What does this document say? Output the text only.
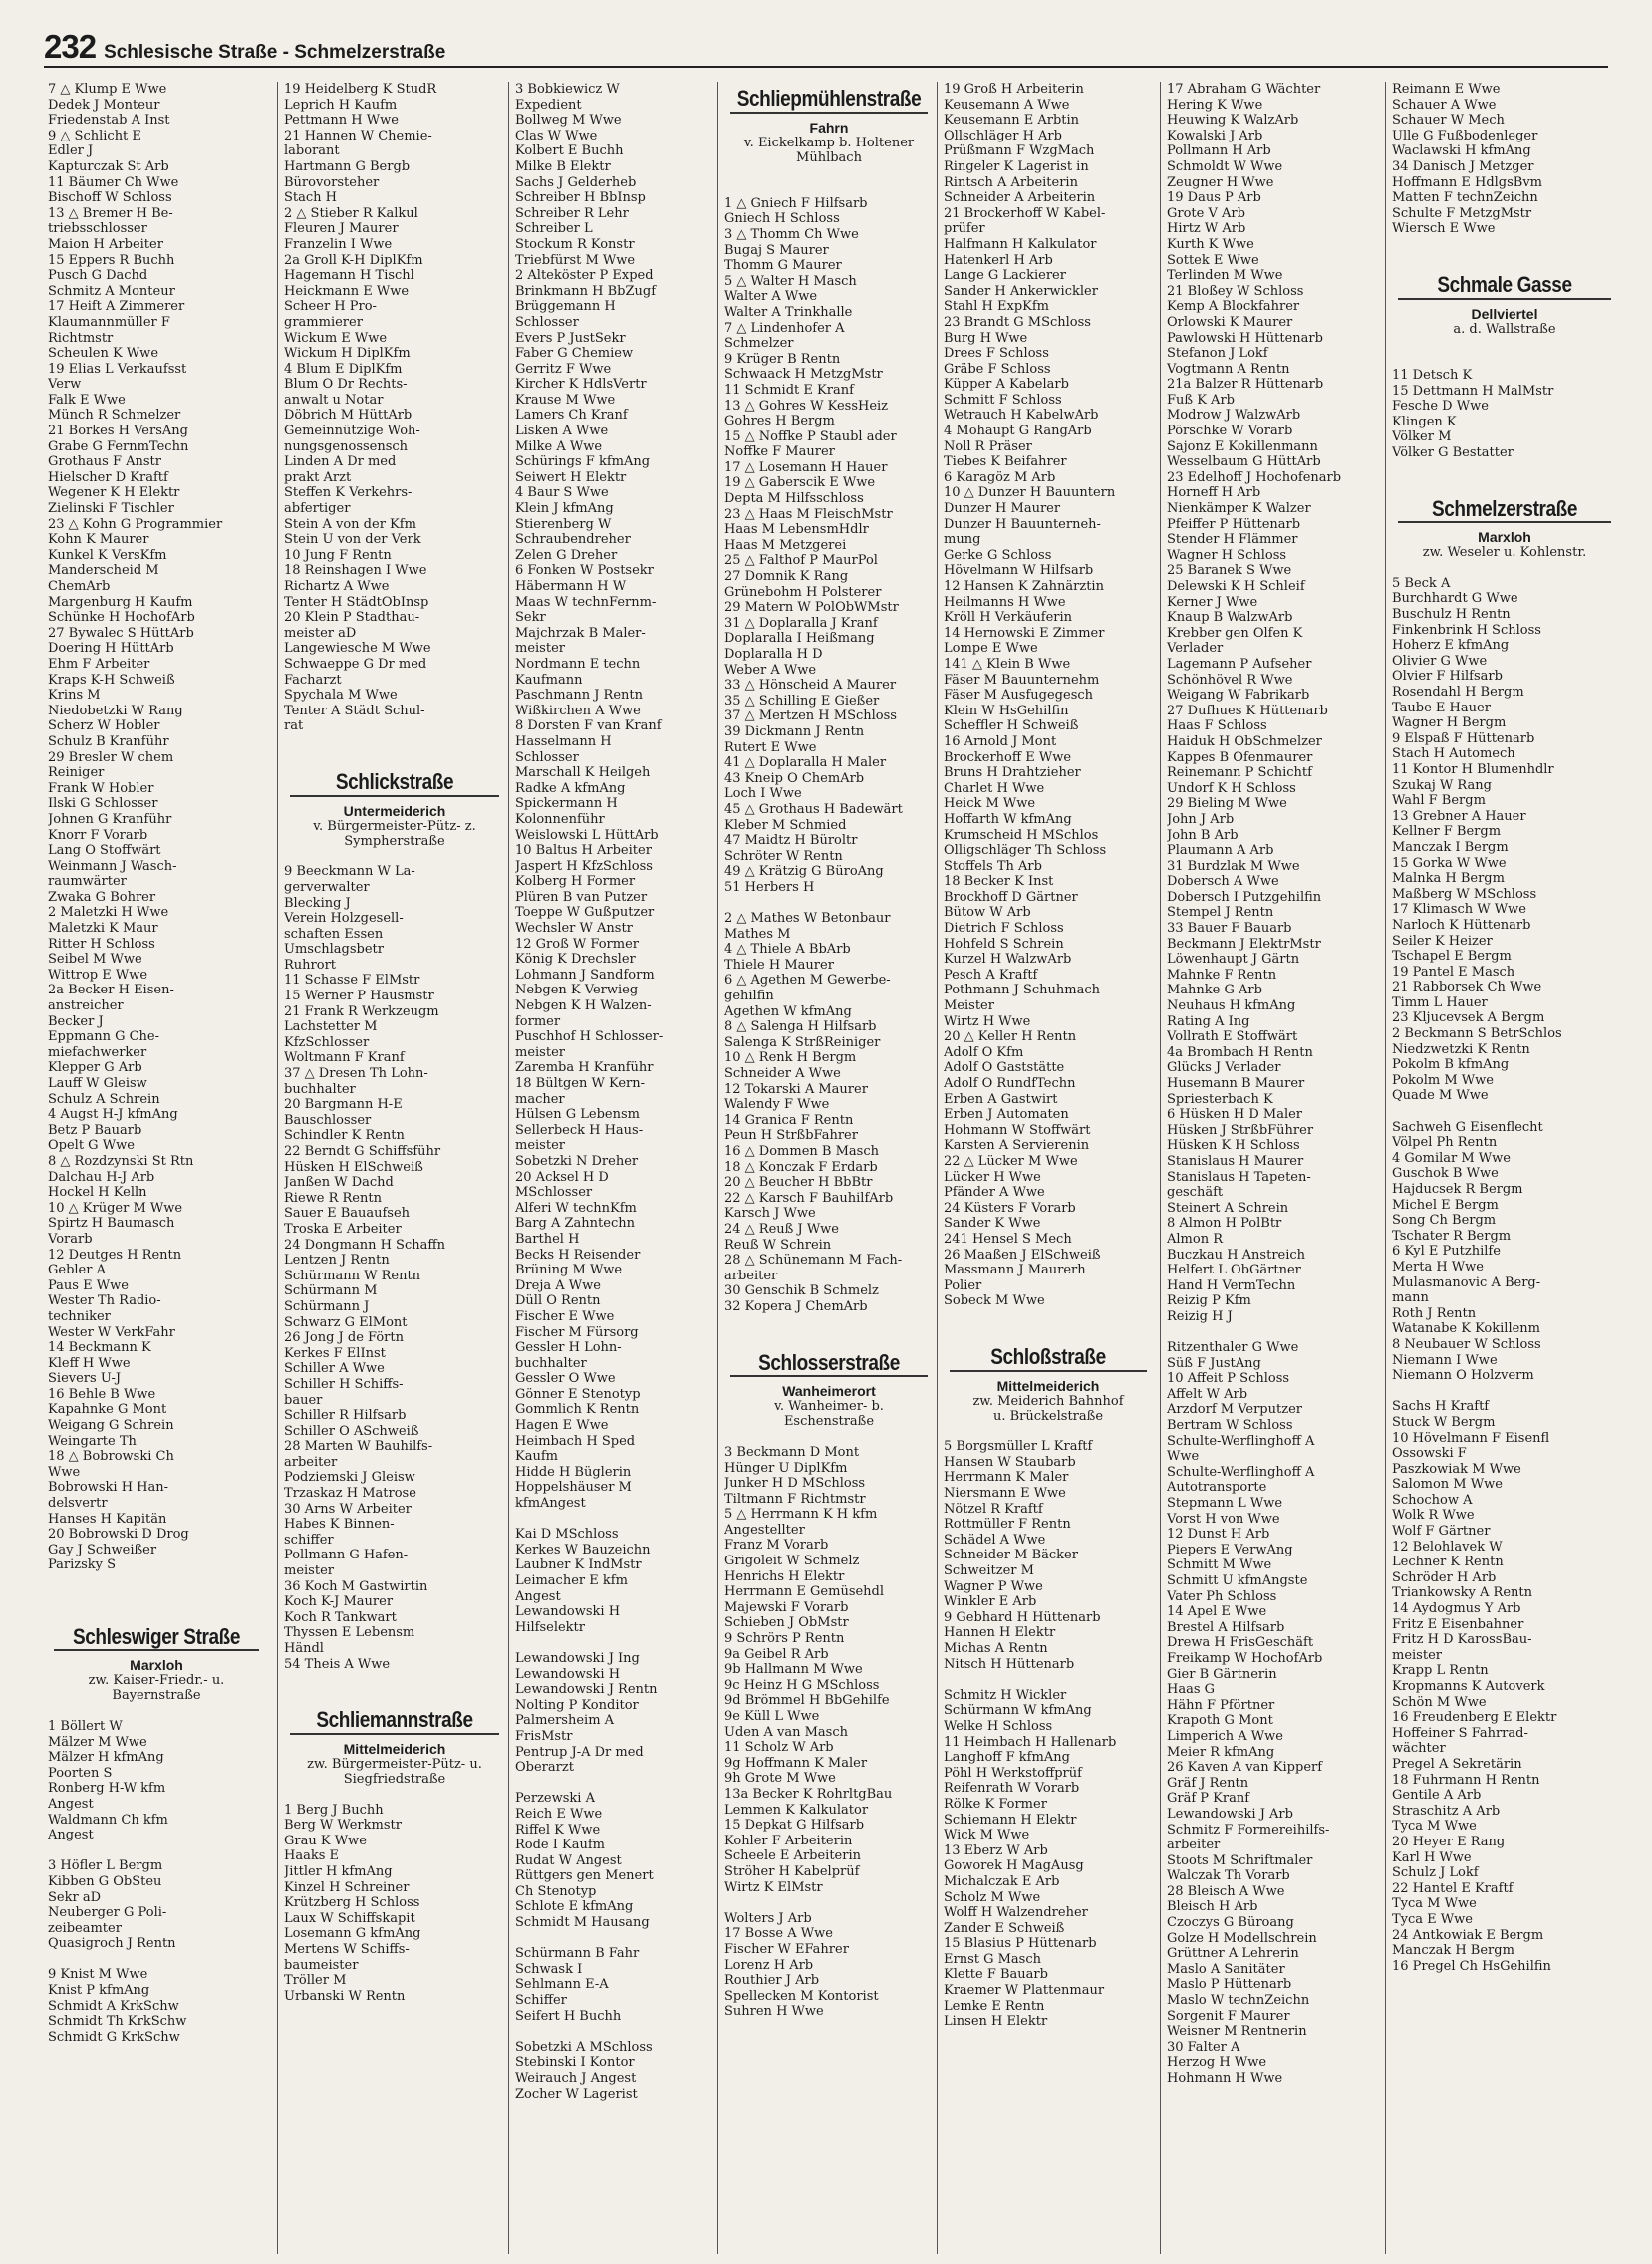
232 Schlesische Straße - Schmelzerstraße
7 △ Klump E Wwe
Dedek J Monteur
Friedenstab A Inst
9 △ Schlicht E
Edler J
Kapturczak St Arb
11 Bäumer Ch Wwe
Bischoff W Schloss
13 △ Bremer H Be-
triebsschlosser
Maion H Arbeiter
15 Eppers R Buchh
Pusch G Dachd
Schmitz A Monteur
17 Heift A Zimmerer
Klaumannmüller F
Richtmstr
Scheulen K Wwe
19 Elias L Verkaufsst
Verw
Falk E Wwe
Münch R Schmelzer
21 Borkes H VersAng
Grabe G FernmTechn
Grothaus F Anstr
Hielscher D Kraftf
Wegener K H Elektr
Zielinski F Tischler
23 △ Kohn G Programmier
Kohn K Maurer
Kunkel K VersKfm
Manderscheid M
ChemArb
Margenburg H Kaufm
Schünke H HochofArb
27 Bywalec S HüttArb
Doering H HüttArb
Ehm F Arbeiter
Kraps K-H Schweiß
Krins M
Niedobetzki W Rang
Scherz W Hobler
Schulz B Kranführ
29 Bresler W chem
Reiniger
Frank W Hobler
Ilski G Schlosser
Johnen G Kranführ
Knorr F Vorarb
Lang O Stoffwärt
Weinmann J Wasch-
raumwärter
Zwaka G Bohrer
2 Maletzki H Wwe
Maletzki K Maur
Ritter H Schloss
Seibel M Wwe
Wittrop E Wwe
2a Becker H Eisen-
anstreicher
Becker J
Eppmann G Che-
miefachwerker
Klepper G Arb
Lauff W Gleisw
Schulz A Schrein
4 Augst H-J kfmAng
Betz P Bauarb
Opelt G Wwe
8 △ Rozdzynski St Rtn
Dalchau H-J Arb
Hockel H Kelln
10 △ Krüger M Wwe
Spirtz H Baumasch
Vorarb
12 Deutges H Rentn
Gebler A
Paus E Wwe
Wester Th Radio-
techniker
Wester W VerkFahr
14 Beckmann K
Kleff H Wwe
Sievers U-J
16 Behle B Wwe
Kapahnke G Mont
Weigang G Schrein
Weingarte Th
18 △ Bobrowski Ch
Wwe
Bobrowski H Han-
delsvertr
Hanses H Kapitän
20 Bobrowski D Drog
Gay J Schweißer
Parizsky S
Schleswiger Straße
Marxloh
zw. Kaiser-Friedr.- u.
Bayernstraße
1 Böllert W
Mälzer M Wwe
Mälzer H kfmAng
Poorten S
Ronberg H-W kfm
Angest
Waldmann Ch kfm
Angest
3 Höfler L Bergm
Kibben G ObSteu
Sekr aD
Neuberger G Poli-
zeibeamter
Quasigroch J Rentn
9 Knist M Wwe
Knist P kfmAng
Schmidt A KrkSchw
Schmidt Th KrkSchw
Schmidt G KrkSchw
19 Heidelberg K StudR
Leprich H Kaufm
Pettmann H Wwe
21 Hannen W Chemie-
laborant
Hartmann G Bergb
Bürovorsteher
Stach H
2 △ Stieber R Kalkul
Fleuren J Maurer
Franzelin I Wwe
2a Groll K-H DiplKfm
Hagemann H Tischl
Heickmann E Wwe
Scheer H Pro-
grammierer
Wickum E Wwe
Wickum H DiplKfm
4 Blum E DiplKfm
Blum O Dr Rechts-
anwalt u Notar
Döbrich M HüttArb
Gemeinnützige Woh-
nungsgenossensch
Linden A Dr med
prakt Arzt
Steffen K Verkehrs-
abfertiger
Stein A von der Kfm
Stein U von der Verk
10 Jung F Rentn
18 Reinshagen I Wwe
Richartz A Wwe
Tenter H StädtObInsp
20 Klein P Stadthau-
meister aD
Langewiesche M Wwe
Schwaeppe G Dr med
Facharzt
Spychala M Wwe
Tenter A Städt Schul-
rat
Schlickstraße
Untermeiderich
v. Bürgermeister-Pütz- z.
Sympherstraße
9 Beeckmann W La-
gerverwalter
Blecking J
Verein Holzgesell-
schaften Essen
Umschlagsbetr
Ruhrort
11 Schasse F ElMstr
15 Werner P Hausmstr
21 Frank R Werkzeugm
Lachstetter M
KfzSchlosser
Woltmann F Kranf
37 △ Dresen Th Lohn-
buchhalter
20 Bargmann H-E
Bauschlosser
Schindler K Rentn
22 Berndt G Schiffsführ
Hüsken H ElSchweiß
Janßen W Dachd
Riewe R Rentn
Sauer E Bauaufseh
Troska E Arbeiter
24 Dongmann H Schaffn
Lentzen J Rentn
Schürmann W Rentn
Schürmann M
Schürmann J
Schwarz G ElMont
26 Jong J de Förtn
Kerkes F ElInst
Schiller A Wwe
Schiller H Schiffs-
bauer
Schiller R Hilfsarb
Schiller O ASchweiß
28 Marten W Bauhilfs-
arbeiter
Podziemski J Gleisw
Trzaskaz H Matrose
30 Arns W Arbeiter
Habes K Binnen-
schiffer
Pollmann G Hafen-
meister
36 Koch M Gastwirtin
Koch K-J Maurer
Koch R Tankwart
Thyssen E Lebensm
Händl
54 Theis A Wwe
Schliemannstraße
Mittelmeiderich
zw. Bürgermeister-Pütz- u.
Siegfriedstraße
1 Berg J Buchh
Berg W Werkmstr
Grau K Wwe
Haaks E
Jittler H kfmAng
Kinzel H Schreiner
Krützberg H Schloss
Laux W Schiffskapit
Losemann G kfmAng
Mertens W Schiffs-
baumeister
Tröller M
Urbanski W Rentn
3 Bobkiewicz W
Expedient
Bollweg M Wwe
Clas W Wwe
Kolbert E Buchh
Milke B Elektr
Sachs J Gelderheb
Schreiber H BbInsp
Schreiber R Lehr
Schreiber L
Stockum R Konstr
Triebfürst M Wwe
2 Alteköster P Exped
Brinkmann H BbZugf
Brüggemann H
Schlosser
Evers P JustSekr
Faber G Chemiew
Gerritz F Wwe
Kircher K HdlsVertr
Krause M Wwe
Lamers Ch Kranf
Lisken A Wwe
Milke A Wwe
Schürings F kfmAng
Seiwert H Elektr
4 Baur S Wwe
Klein J kfmAng
Stierenberg W
Schraubendreher
Zelen G Dreher
6 Fonken W Postsekr
Häbermann H W
Maas W technFernm-
Sekr
Majchrzak B Maler-
meister
Nordmann E techn
Kaufmann
Paschmann J Rentn
Wißkirchen A Wwe
8 Dorsten F van Kranf
Hasselmann H
Schlosser
Marschall K Heilgeh
Radke A kfmAng
Spickermann H
Kolonnenführ
Weislowski L HüttArb
10 Baltus H Arbeiter
Jaspert H KfzSchloss
Kolberg H Former
Plüren B van Putzer
Toeppe W Gußputzer
Wechsler W Anstr
12 Groß W Former
König K Drechsler
Lohmann J Sandform
Nebgen K Verwieg
Nebgen K H Walzen-
former
Puschhof H Schlosser-
meister
Zaremba H Kranführ
18 Bültgen W Kern-
macher
Hülsen G Lebensm
Sellerbeck H Haus-
meister
Sobetzki N Dreher
20 Acksel H D
MSchlosser
Alferi W technKfm
Barg A Zahntechn
Barthel H
Becks H Reisender
Brüning M Wwe
Dreja A Wwe
Düll O Rentn
Fischer E Wwe
Fischer M Fürsorg
Gessler H Lohn-
buchhalter
Gessler O Wwe
Gönner E Stenotyp
Gommlich K Rentn
Hagen E Wwe
Heimbach H Sped
Kaufm
Hidde H Büglerin
Hoppelshäuser M
kfmAngest
Kai D MSchloss
Kerkes W Bauzeichn
Laubner K IndMstr
Leimacher E kfm
Angest
Lewandowski H
Hilfselektr
Lewandowski J Ing
Lewandowski H
Lewandowski J Rentn
Nolting P Konditor
Palmersheim A
FrisMstr
Pentrup J-A Dr med
Oberarzt
Perzewski A
Reich E Wwe
Riffel K Wwe
Rode I Kaufm
Rudat W Angest
Rüttgers gen Menert
Ch Stenotyp
Schlote E kfmAng
Schmidt M Hausang
Schürmann B Fahr
Schwask I
Sehlmann E-A
Schiffer
Seifert H Buchh
Sobetzki A MSchloss
Stebinski I Kontor
Weirauch J Angest
Zocher W Lagerist
Schliepmühlenstraße
Fahrn
v. Eickelkamp b. Holtener
Mühlbach
1 △ Gniech F Hilfsarb
Gniech H Schloss
3 △ Thomm Ch Wwe
Bugaj S Maurer
Thomm G Maurer
5 △ Walter H Masch
Walter A Wwe
Walter A Trinkhalle
7 △ Lindenhofer A
Schmelzer
9 Krüger B Rentn
Schwaack H MetzgMstr
11 Schmidt E Kranf
13 △ Gohres W KessHeiz
Gohres H Bergm
15 △ Noffke P Staubl ader
Noffke F Maurer
17 △ Losemann H Hauer
19 △ Gaberscik E Wwe
Depta M Hilfsschloss
23 △ Haas M FleischMstr
Haas M LebensmHdlr
Haas M Metzgerei
25 △ Falthof P MaurPol
27 Domnik K Rang
Grünebohm H Polsterer
29 Matern W PolObWMstr
31 △ Doplaralla J Kranf
Doplaralla I Heißmang
Doplaralla H D
Weber A Wwe
33 △ Hönscheid A Maurer
35 △ Schilling E Gießer
37 △ Mertzen H MSchloss
39 Dickmann J Rentn
Rutert E Wwe
41 △ Doplaralla H Maler
43 Kneip O ChemArb
Loch I Wwe
45 △ Grothaus H Badewärt
Kleber M Schmied
47 Maidtz H Büroltr
Schröter W Rentn
49 △ Krätzig G BüroAng
51 Herbers H
2 △ Mathes W Betonbaur
Mathes M
4 △ Thiele A BbArb
Thiele H Maurer
6 △ Agethen M Gewerbe-
gehilfin
Agethen W kfmAng
8 △ Salenga H Hilfsarb
Salenga K StrßReiniger
10 △ Renk H Bergm
Schneider A Wwe
12 Tokarski A Maurer
Walendy F Wwe
14 Granica F Rentn
Peun H StrßbFahrer
16 △ Dommen B Masch
18 △ Konczak F Erdarb
20 △ Beucher H BbBtr
22 △ Karsch F BauhilfArb
Karsch J Wwe
24 △ Reuß J Wwe
Reuß W Schrein
28 △ Schünemann M Fach-
arbeiter
30 Genschik B Schmelz
32 Kopera J ChemArb
Schlosserstraße
Wanheimerort
v. Wanheimer- b.
Eschenstraße
3 Beckmann D Mont
Hünger U DiplKfm
Junker H D MSchloss
Tiltmann F Richtmstr
5 △ Herrmann K H kfm
Angestellter
Franz M Vorarb
Grigoleit W Schmelz
Henrichs H Elektr
Herrmann E Gemüsehdl
Majewski F Vorarb
Schieben J ObMstr
9 Schrörs P Rentn
9a Geibel R Arb
9b Hallmann M Wwe
9c Heinz H G MSchloss
9d Brömmel H BbGehilfe
9e Küll L Wwe
Uden A van Masch
11 Scholz W Arb
9g Hoffmann K Maler
9h Grote M Wwe
13a Becker K RohrltgBau
Lemmen K Kalkulator
15 Depkat G Hilfsarb
Kohler F Arbeiterin
Scheele E Arbeiterin
Ströher H Kabelprüf
Wirtz K ElMstr
Wolters J Arb
17 Bosse A Wwe
Fischer W EFahrer
Lorenz H Arb
Routhier J Arb
Spellecken M Kontorist
Suhren H Wwe
19 Groß H Arbeiterin
Keusemann A Wwe
Keusemann E Arbtin
Ollschläger H Arb
Prüßmann F WzgMach
Ringeler K Lagerist in
Rintsch A Arbeiterin
Schneider A Arbeiterin
21 Brockerhoff W Kabel-
prüfer
Halfmann H Kalkulator
Hatenkerl H Arb
Lange G Lackierer
Sander H Ankerwickler
Stahl H ExpKfm
23 Brandt G MSchloss
Burg H Wwe
Drees F Schloss
Gräbe F Schloss
Küpper A Kabelarb
Schmitt F Schloss
Wetrauch H KabelwArb
4 Mohaupt G RangArb
Noll R Präser
Tiebes K Beifahrer
6 Karagöz M Arb
10 △ Dunzer H Bauuntern
Dunzer H Maurer
Dunzer H Bauunterneh-
mung
Gerke G Schloss
Hövelmann W Hilfsarb
12 Hansen K Zahnärztin
Heilmanns H Wwe
Kröll H Verkäuferin
14 Hernowski E Zimmer
Lompe E Wwe
141 △ Klein B Wwe
Fäser M Bauunternehm
Fäser M Ausfugegesch
Klein W HsGehilfin
Scheffler H Schweiß
16 Arnold J Mont
Brockerhoff E Wwe
Bruns H Drahtzieher
Charlet H Wwe
Heick M Wwe
Hoffarth W kfmAng
Krumscheid H MSchlos
Olligschläger Th Schloss
Stoffels Th Arb
18 Becker K Inst
Brockhoff D Gärtner
Bütow W Arb
Dietrich F Schloss
Hohfeld S Schrein
Kurzel H WalzwArb
Pesch A Kraftf
Pothmann J Schuhmach
Meister
Wirtz H Wwe
20 △ Keller H Rentn
Adolf O Kfm
Adolf O Gaststätte
Adolf O RundfTechn
Erben A Gastwirt
Erben J Automaten
Hohmann W Stoffwärt
Karsten A Servierenin
22 △ Lücker M Wwe
Lücker H Wwe
Pfänder A Wwe
24 Küsters F Vorarb
Sander K Wwe
241 Hensel S Mech
26 Maaßen J ElSchweiß
Massmann J Maurerh
Polier
Sobeck M Wwe
Schloßstraße
Mittelmeiderich
zw. Meiderich Bahnhof
u. Brückelstraße
5 Borgsmüller L Kraftf
Hansen W Staubarb
Herrmann K Maler
Niersmann E Wwe
Nötzel R Kraftf
Rottmüller F Rentn
Schädel A Wwe
Schneider M Bäcker
Schweitzer M
Wagner P Wwe
Winkler E Arb
9 Gebhard H Hüttenarb
Hannen H Elektr
Michas A Rentn
Nitsch H Hüttenarb
Schmitz H Wickler
Schürmann W kfmAng
Welke H Schloss
11 Heimbach H Hallenarb
Langhoff F kfmAng
Pöhl H Werkstoffprüf
Reifenrath W Vorarb
Rölke K Former
Schiemann H Elektr
Wick M Wwe
13 Eberz W Arb
Goworek H MagAusg
Michalczak E Arb
Scholz M Wwe
Wolff H Walzendreher
Zander E Schweiß
15 Blasius P Hüttenarb
Ernst G Masch
Klette F Bauarb
Kraemer W Plattenmaur
Lemke E Rentn
Linsen H Elektr
17 Abraham G Wächter
Hering K Wwe
Heuwing K WalzArb
Kowalski J Arb
Pollmann H Arb
Schmoldt W Wwe
Zeugner H Wwe
19 Daus P Arb
Grote V Arb
Hirtz W Arb
Kurth K Wwe
Sottek E Wwe
Terlinden M Wwe
21 Bloßey W Schloss
Kemp A Blockfahrer
Orlowski K Maurer
Pawlowski H Hüttenarb
Stefanon J Lokf
Vogtmann A Rentn
21a Balzer R Hüttenarb
Fuß K Arb
Modrow J WalzwArb
Pörschke W Vorarb
Sajonz E Kokillenmann
Wesselbaum G HüttArb
23 Edelhoff J Hochofenarb
Horneff H Arb
Nienkämper K Walzer
Pfeiffer P Hüttenarb
Stender H Flämmer
Wagner H Schloss
25 Baranek S Wwe
Delewski K H Schleif
Kerner J Wwe
Knaup B WalzwArb
Krebber gen Olfen K
Verlader
Lagemann P Aufseher
Schönhövel R Wwe
Weigang W Fabrikarb
27 Dufhues K Hüttenarb
Haas F Schloss
Haiduk H ObSchmelzer
Kappes B Ofenmaurer
Reinemann P Schichtf
Undorf K H Schloss
29 Bieling M Wwe
John J Arb
John B Arb
Plaumann A Arb
31 Burdzlak M Wwe
Dobersch A Wwe
Dobersch I Putzgehilfin
Stempel J Rentn
33 Bauer F Bauarb
Beckmann J ElektrMstr
Löwenhaupt J Gärtn
Mahnke F Rentn
Mahnke G Arb
Neuhaus H kfmAng
Rating A Ing
Vollrath E Stoffwärt
4a Brombach H Rentn
Glücks J Verlader
Husemann B Maurer
Spriesterbach K
6 Hüsken H D Maler
Hüsken J StrßbFührer
Hüsken K H Schloss
Stanislaus H Maurer
Stanislaus H Tapeten-
geschäft
Steinert A Schrein
8 Almon H PolBtr
Almon R
Buczkau H Anstreich
Helfert L ObGärtner
Hand H VermTechn
Reizig P Kfm
Reizig H J
Ritzenthaler G Wwe
Süß F JustAng
10 Affeit P Schloss
Affelt W Arb
Arzdorf M Verputzer
Bertram W Schloss
Schulte-Werflinghoff A
Wwe
Schulte-Werflinghoff A
Autotransporte
Stepmann L Wwe
Vorst H von Wwe
12 Dunst H Arb
Piepers E VerwAng
Schmitt M Wwe
Schmitt U kfmAngste
Vater Ph Schloss
14 Apel E Wwe
Brestel A Hilfsarb
Drewa H FrisGeschäft
Freikamp W HochofArb
Gier B Gärtnerin
Haas G
Hähn F Pförtner
Krapoth G Mont
Limperich A Wwe
Meier R kfmAng
26 Kaven A van Kipperf
Gräf J Rentn
Gräf P Kranf
Lewandowski J Arb
Schmitz F Formereihilfs-
arbeiter
Stoots M Schriftmaler
Walczak Th Vorarb
28 Bleisch A Wwe
Bleisch H Arb
Czoczys G Büroang
Golze H Modellschrein
Grüttner A Lehrerin
Maslo A Sanitäter
Maslo P Hüttenarb
Maslo W technZeichn
Sorgenit F Maurer
Weisner M Rentnerin
30 Falter A
Herzog H Wwe
Hohmann H Wwe
Reimann E Wwe
Schauer A Wwe
Schauer W Mech
Ulle G Fußbodenleger
Waclawski H kfmAng
34 Danisch J Metzger
Hoffmann E HdlgsBvm
Matten F technZeichn
Schulte F MetzgMstr
Wiersch E Wwe
Schmale Gasse
Dellviertel
a. d. Wallstraße
11 Detsch K
15 Dettmann H MalMstr
Fesche D Wwe
Klingen K
Völker M
Völker G Bestatter
Schmelzerstraße
Marxloh
zw. Weseler u. Kohlenstr.
5 Beck A
Burchhardt G Wwe
Buschulz H Rentn
Finkenbrink H Schloss
Hoherz E kfmAng
Olivier G Wwe
Olvier F Hilfsarb
Rosendahl H Bergm
Taube E Hauer
Wagner H Bergm
9 Elspaß F Hüttenarb
Stach H Automech
11 Kontor H Blumenhdlr
Szukaj W Rang
Wahl F Bergm
13 Grebner A Hauer
Kellner F Bergm
Manczak I Bergm
15 Gorka W Wwe
Malnka H Bergm
Maßberg W MSchloss
17 Klimasch W Wwe
Narloch K Hüttenarb
Seiler K Heizer
Tschapel E Bergm
19 Pantel E Masch
21 Rabborsek Ch Wwe
Timm L Hauer
23 Kljucevsek A Bergm
2 Beckmann S BetrSchlos
Niedzwetzki K Rentn
Pokolm B kfmAng
Pokolm M Wwe
Quade M Wwe
Sachweh G Eisenflecht
Völpel Ph Rentn
4 Gomilar M Wwe
Guschok B Wwe
Hajducsek R Bergm
Michel E Bergm
Song Ch Bergm
Tschater R Bergm
6 Kyl E Putzhilfe
Merta H Wwe
Mulasmanovic A Berg-
mann
Roth J Rentn
Watanabe K Kokillenm
8 Neubauer W Schloss
Niemann I Wwe
Niemann O Holzverm
Sachs H Kraftf
Stuck W Bergm
10 Hövelmann F Eisenfl
Ossowski F
Paszkowiak M Wwe
Salomon M Wwe
Schochow A
Wolk R Wwe
Wolf F Gärtner
12 Belohlavek W
Lechner K Rentn
Schröder H Arb
Triankowsky A Rentn
14 Aydogmus Y Arb
Fritz E Eisenbahner
Fritz H D KarossBau-
meister
Krapp L Rentn
Kropmanns K Autoverk
Schön M Wwe
16 Freudenberg E Elektr
Hoffeiner S Fahrrad-
wächter
Pregel A Sekretärin
18 Fuhrmann H Rentn
Gentile A Arb
Straschitz A Arb
Tyca M Wwe
20 Heyer E Rang
Karl H Wwe
Schulz J Lokf
22 Hantel E Kraftf
Tyca M Wwe
Tyca E Wwe
24 Antkowiak E Bergm
Manczak H Bergm
16 Pregel Ch HsGehilfin
